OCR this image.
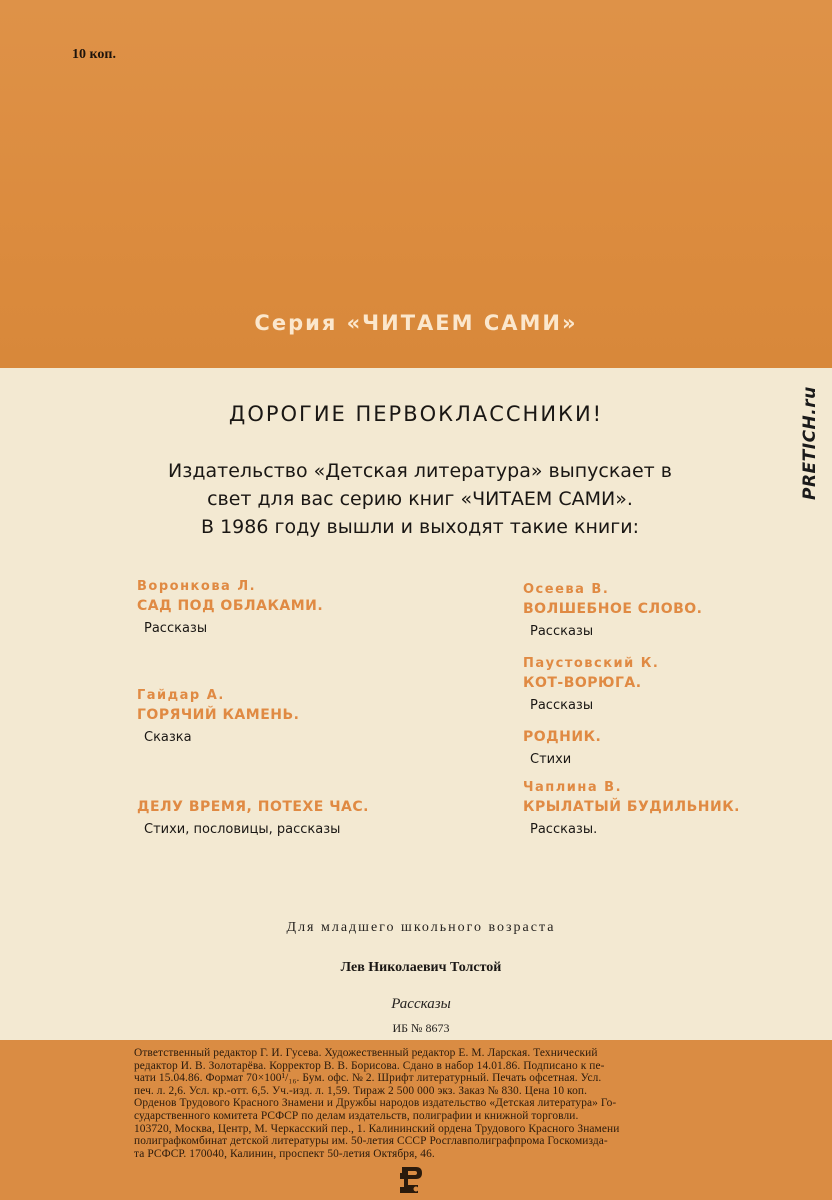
10 коп.
Серия «ЧИТАЕМ САМИ»
PRETICH.ru
ДОРОГИЕ ПЕРВОКЛАССНИКИ!
Издательство «Детская литература» выпускает в
свет для вас серию книг «ЧИТАЕМ САМИ».
В 1986 году вышли и выходят такие книги:
Воронкова Л.
САД ПОД ОБЛАКАМИ.
Рассказы
Гайдар А.
ГОРЯЧИЙ КАМЕНЬ.
Сказка
ДЕЛУ ВРЕМЯ, ПОТЕХЕ ЧАС.
Стихи, пословицы, рассказы
Осеева В.
ВОЛШЕБНОЕ СЛОВО.
Рассказы
Паустовский К.
КОТ-ВОРЮГА.
Рассказы
РОДНИК.
Стихи
Чаплина В.
КРЫЛАТЫЙ БУДИЛЬНИК.
Рассказы.
Для младшего школьного возраста
Лев Николаевич Толстой
Рассказы
ИБ № 8673
Ответственный редактор Г. И. Гусева. Художественный редактор Е. М. Ларская. Технический
редактор И. В. Золотарёва. Корректор В. В. Борисова. Сдано в набор 14.01.86. Подписано к пе-
чати 15.04.86. Формат 70×100¹/₁₆. Бум. офс. № 2. Шрифт литературный. Печать офсетная. Усл.
печ. л. 2,6. Усл. кр.-отт. 6,5. Уч.-изд. л. 1,59. Тираж 2 500 000 экз. Заказ № 830. Цена 10 коп.
Орденов Трудового Красного Знамени и Дружбы народов издательство «Детская литература» Го-
сударственного комитета РСФСР по делам издательств, полиграфии и книжной торговли.
103720, Москва, Центр, М. Черкасский пер., 1. Калининский ордена Трудового Красного Знамени
полиграфкомбинат детской литературы им. 50-летия СССР Росглавполиграфпрома Госкомизда-
та РСФСР. 170040, Калинин, проспект 50-летия Октября, 46.
